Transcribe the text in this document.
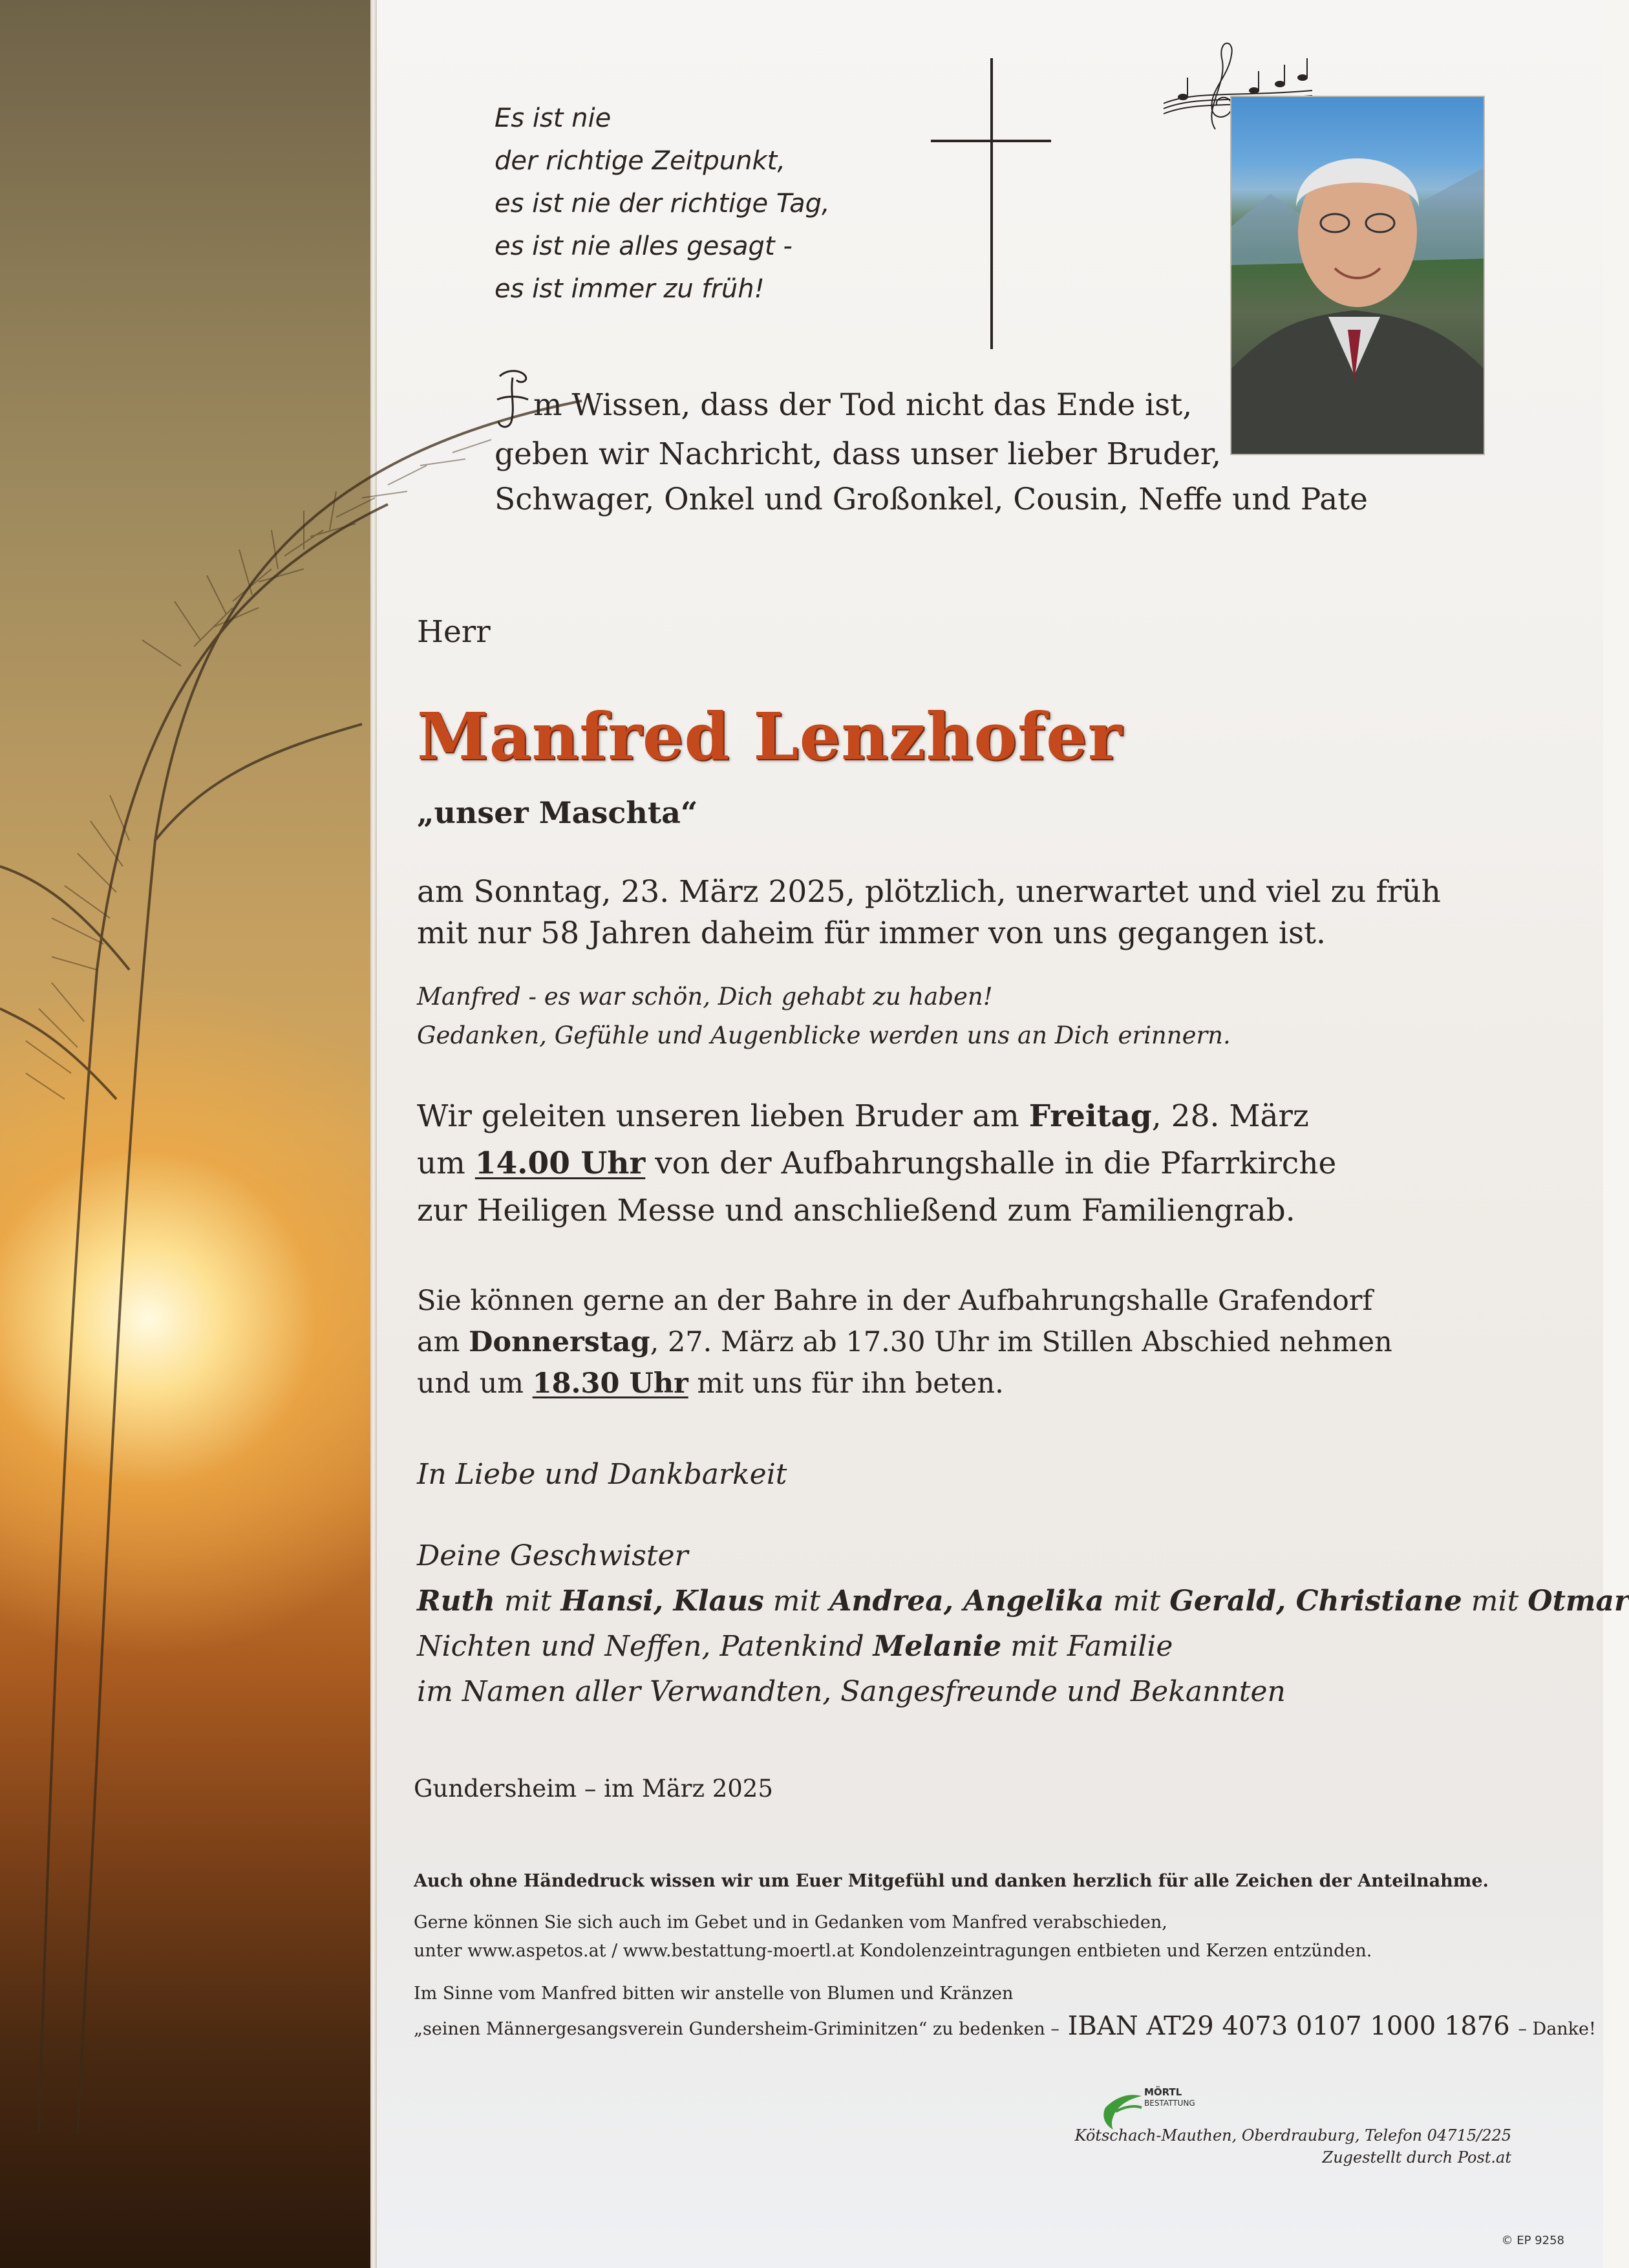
Es ist nie
der richtige Zeitpunkt,
es ist nie der richtige Tag,
es ist nie alles gesagt -
es ist immer zu früh!
m Wissen, dass der Tod nicht das Ende ist,
geben wir Nachricht, dass unser lieber Bruder,
Schwager, Onkel und Großonkel, Cousin, Neffe und Pate
Herr
Manfred Lenzhofer
„unser Maschta“
am Sonntag, 23. März 2025, plötzlich, unerwartet und viel zu früh
mit nur 58 Jahren daheim für immer von uns gegangen ist.
Manfred - es war schön, Dich gehabt zu haben!
Gedanken, Gefühle und Augenblicke werden uns an Dich erinnern.
Wir geleiten unseren lieben Bruder am Freitag, 28. März
um 14.00 Uhr von der Aufbahrungshalle in die Pfarrkirche
zur Heiligen Messe und anschließend zum Familiengrab.
Sie können gerne an der Bahre in der Aufbahrungshalle Grafendorf
am Donnerstag, 27. März ab 17.30 Uhr im Stillen Abschied nehmen
und um 18.30 Uhr mit uns für ihn beten.
In Liebe und Dankbarkeit
Deine Geschwister
Ruth mit Hansi, Klaus mit Andrea, Angelika mit Gerald, Christiane mit Otmar
Nichten und Neffen, Patenkind Melanie mit Familie
im Namen aller Verwandten, Sangesfreunde und Bekannten
Gundersheim – im März 2025
Auch ohne Händedruck wissen wir um Euer Mitgefühl und danken herzlich für alle Zeichen der Anteilnahme.
Gerne können Sie sich auch im Gebet und in Gedanken vom Manfred verabschieden,
unter www.aspetos.at / www.bestattung-moertl.at Kondolenzeintragungen entbieten und Kerzen entzünden.
Im Sinne vom Manfred bitten wir anstelle von Blumen und Kränzen
„seinen Männergesangsverein Gundersheim-Griminitzen“ zu bedenken – IBAN AT29 4073 0107 1000 1876 – Danke!
MÖRTL
BESTATTUNG
Kötschach-Mauthen, Oberdrauburg, Telefon 04715/225
Zugestellt durch Post.at
© EP 9258
